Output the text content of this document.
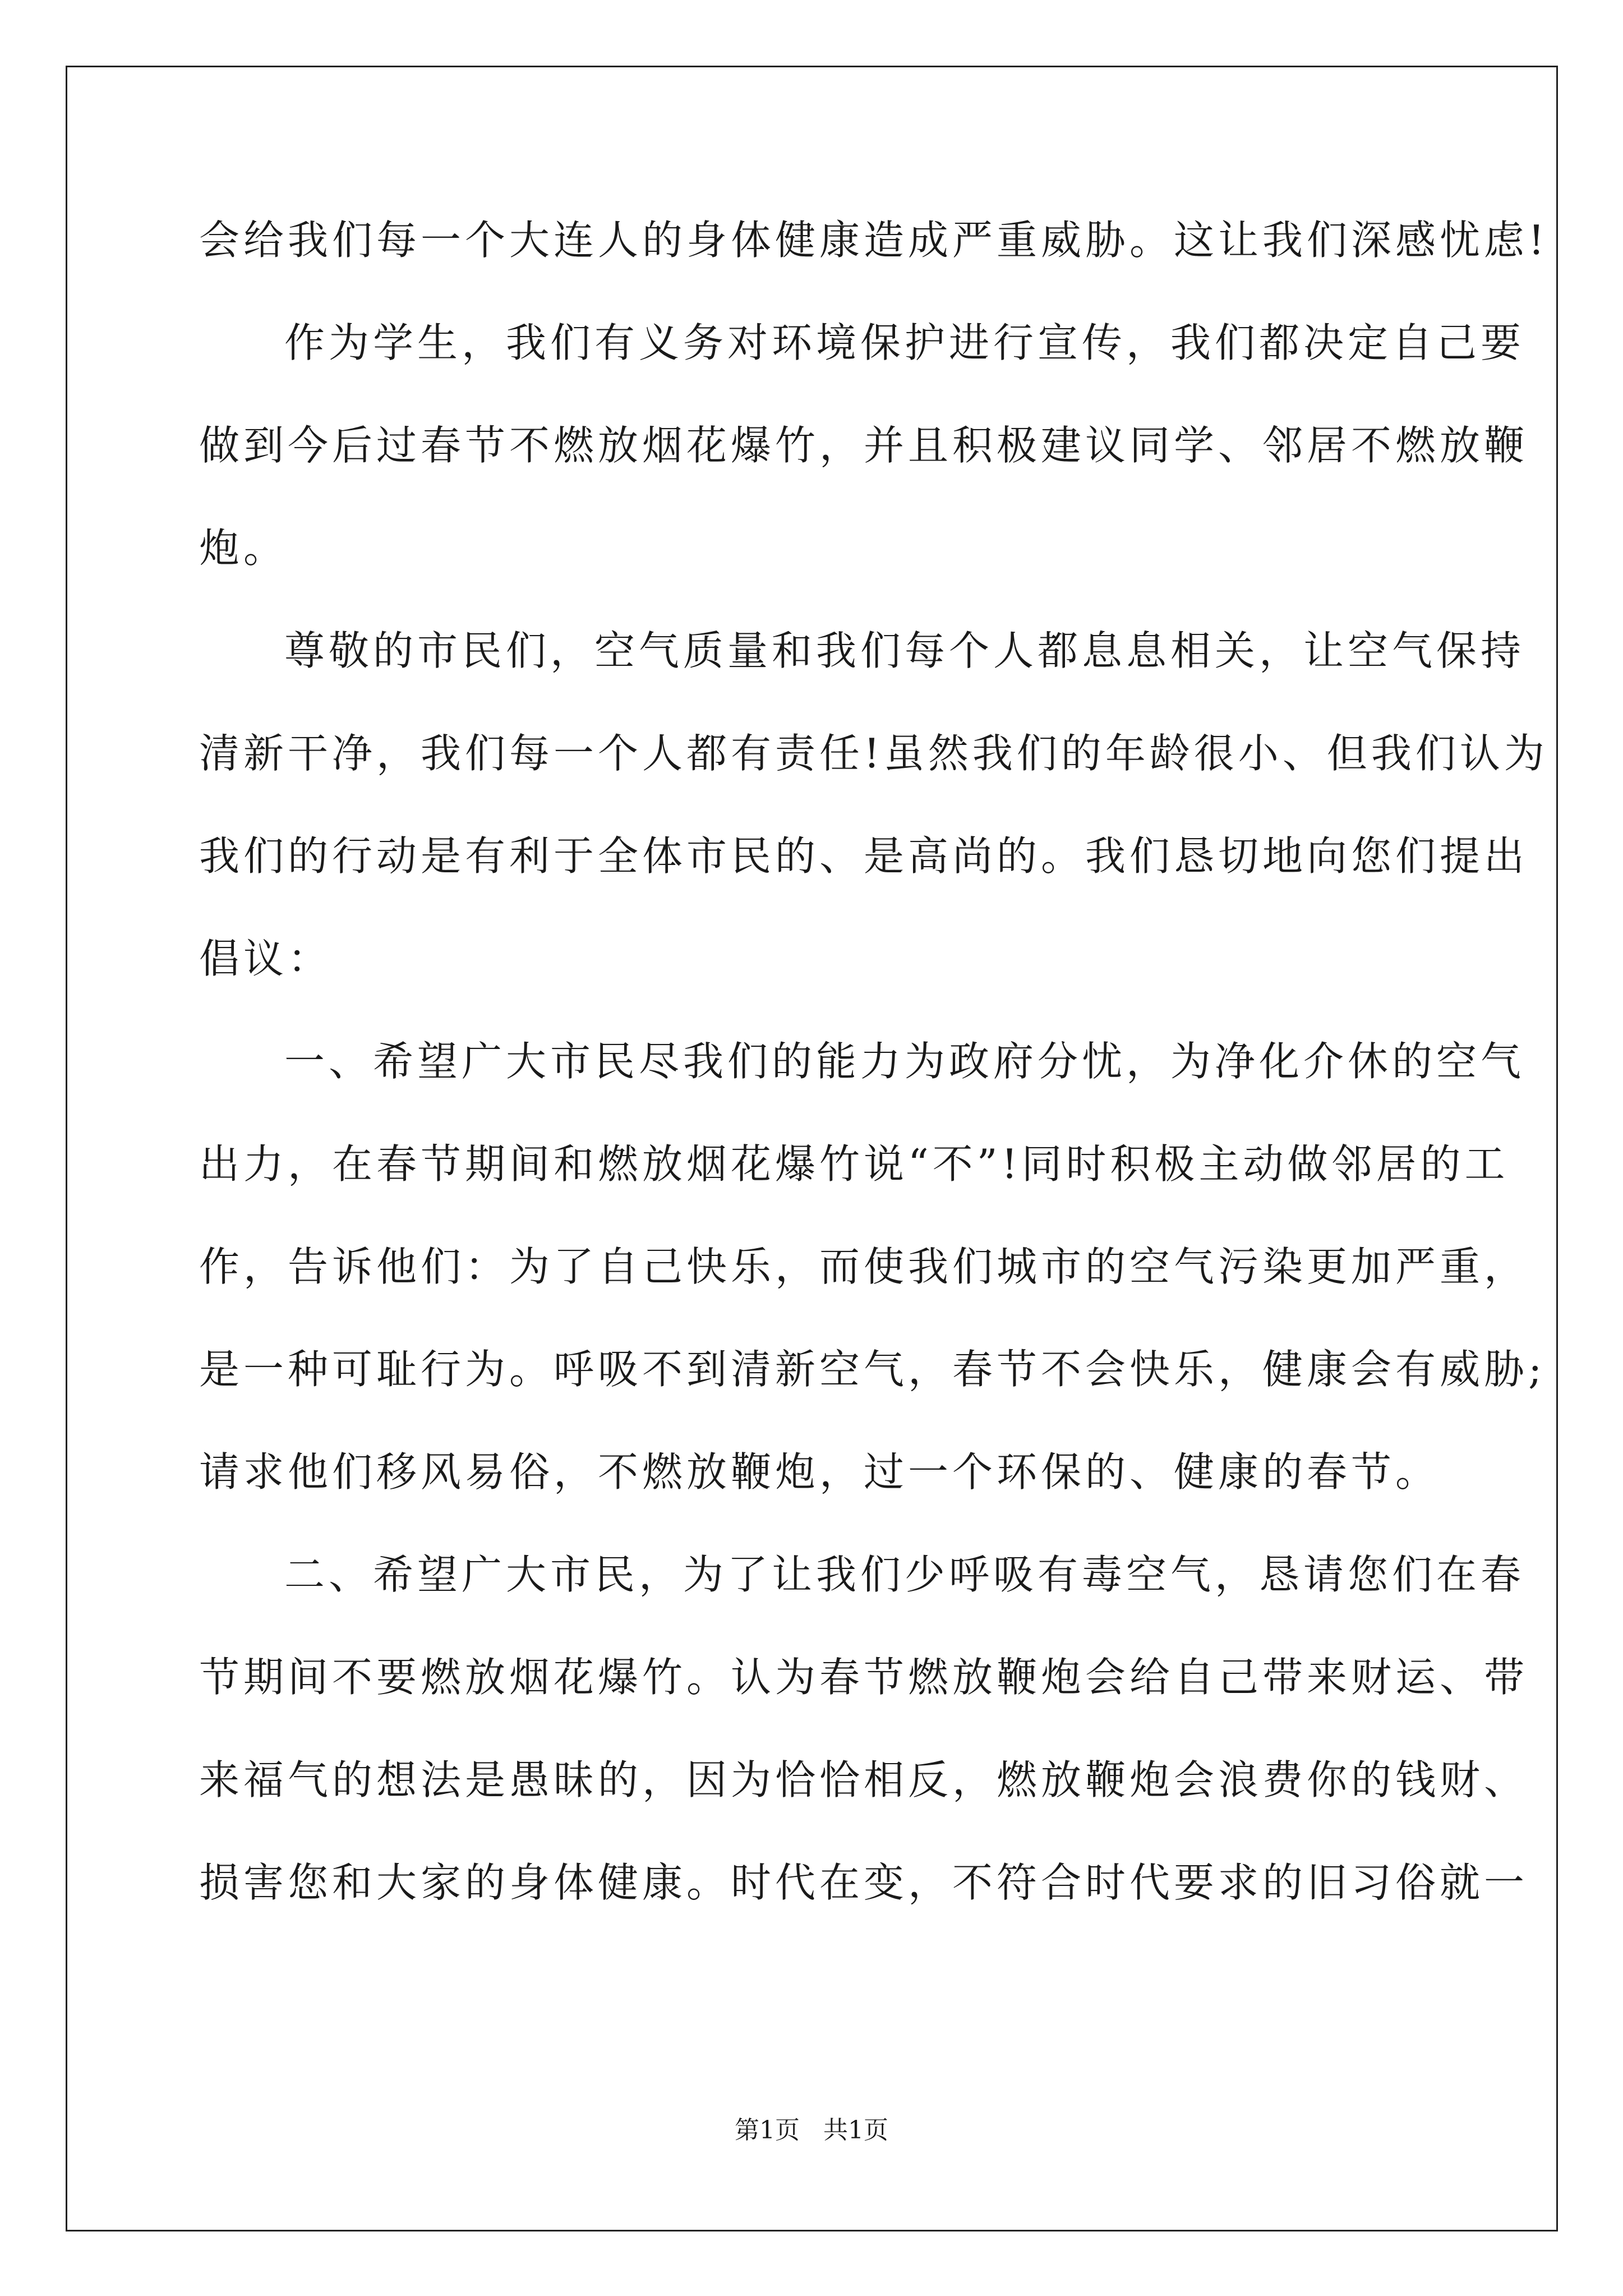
会给我们每一个大连人的身体健康造成严重威胁。这让我们深感忧虑!
作为学生，我们有义务对环境保护进行宣传，我们都决定自己要
做到今后过春节不燃放烟花爆竹，并且积极建议同学、邻居不燃放鞭
炮。
尊敬的市民们，空气质量和我们每个人都息息相关，让空气保持
清新干净，我们每一个人都有责任!虽然我们的年龄很小、但我们认为
我们的行动是有利于全体市民的、是高尚的。我们恳切地向您们提出
倡议：
一、希望广大市民尽我们的能力为政府分忧，为净化介休的空气
出力，在春节期间和燃放烟花爆竹说“不”!同时积极主动做邻居的工
作，告诉他们：为了自己快乐，而使我们城市的空气污染更加严重，
是一种可耻行为。呼吸不到清新空气，春节不会快乐，健康会有威胁;
请求他们移风易俗，不燃放鞭炮，过一个环保的、健康的春节。
二、希望广大市民，为了让我们少呼吸有毒空气，恳请您们在春
节期间不要燃放烟花爆竹。认为春节燃放鞭炮会给自己带来财运、带
来福气的想法是愚昧的，因为恰恰相反，燃放鞭炮会浪费你的钱财、
损害您和大家的身体健康。时代在变，不符合时代要求的旧习俗就一
第1页   共1页
